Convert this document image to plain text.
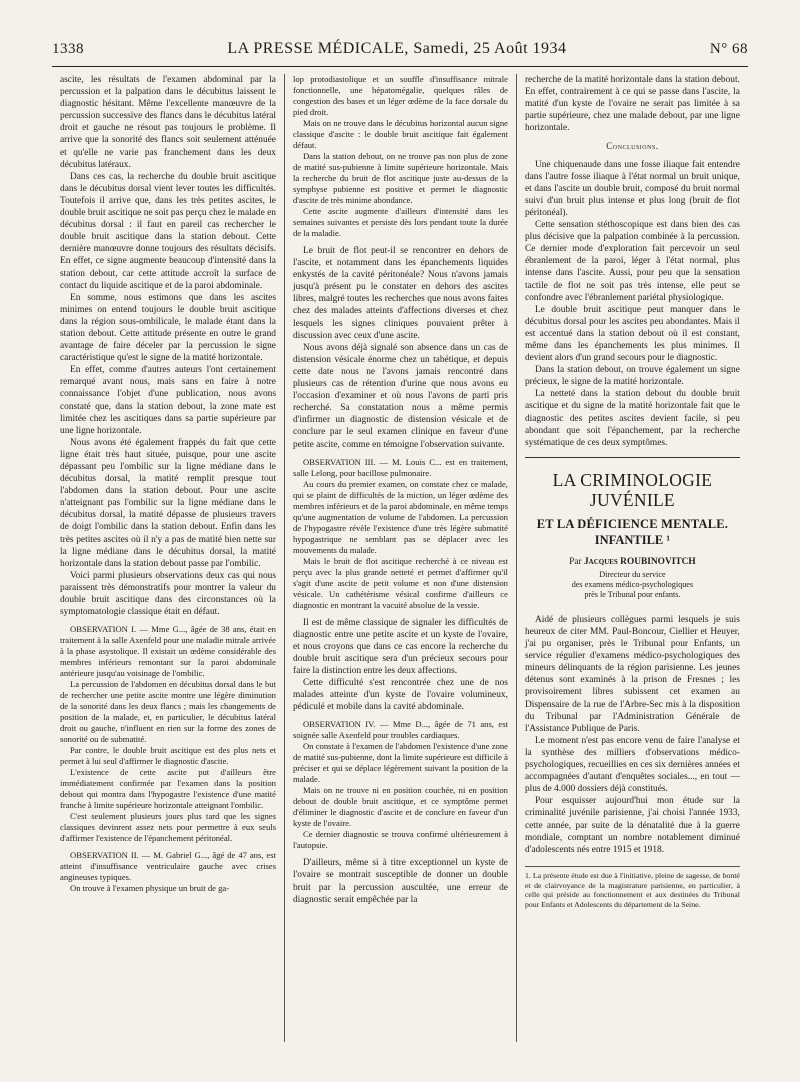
1338	LA PRESSE MÉDICALE, Samedi, 25 Août 1934	N° 68

ascite, les résultats de l'examen abdominal par la percussion et la palpation dans le décubitus laissent le diagnostic hésitant. Même l'excellente manœuvre de la percussion successive des flancs dans le décubitus latéral droit et gauche ne résout pas toujours le problème. Il arrive que la sonorité des flancs soit seulement atténuée et qu'elle ne varie pas franchement dans les deux décubitus latéraux.

Dans ces cas, la recherche du double bruit ascitique dans le décubitus dorsal vient lever toutes les difficultés. Toutefois il arrive que, dans les très petites ascites, le double bruit ascitique ne soit pas perçu chez le malade en décubitus dorsal : il faut en pareil cas rechercher le double bruit ascitique dans la station debout. Cette dernière manœuvre donne toujours des résultats décisifs. En effet, ce signe augmente beaucoup d'intensité dans la station debout, car cette attitude accroît la surface de contact du liquide ascitique et de la paroi abdominale.

En somme, nous estimons que dans les ascites minimes on entend toujours le double bruit ascitique dans la région sous-ombilicale, le malade étant dans la station debout. Cette attitude présente en outre le grand avantage de faire déceler par la percussion le signe caractéristique qu'est le signe de la matité horizontale.

En effet, comme d'autres auteurs l'ont certainement remarqué avant nous, mais sans en faire à notre connaissance l'objet d'une publication, nous avons constaté que, dans la station debout, la zone mate est limitée chez les ascitiques dans sa partie supérieure par une ligne horizontale.

Nous avons été également frappés du fait que cette ligne était très haut située, puisque, pour une ascite dépassant peu l'ombilic sur la ligne médiane dans le décubitus dorsal, la matité remplit presque tout l'abdomen dans la station debout. Pour une ascite n'atteignant pas l'ombilic sur la ligne médiane dans le décubitus dorsal, la matité dépasse de plusieurs travers de doigt l'ombilic dans la station debout. Enfin dans les très petites ascites où il n'y a pas de matité bien nette sur la ligne médiane dans le décubitus dorsal, la matité horizontale dans la station debout passe par l'ombilic.

Voici parmi plusieurs observations deux cas qui nous paraissent très démonstratifs pour montrer la valeur du double bruit ascitique dans des circonstances où la symptomatologie classique était en défaut.

OBSERVATION I. — Mme G..., âgée de 38 ans, était en traitement à la salle Axenfeld pour une maladie mitrale arrivée à la phase asystolique. Il existait un œdème considérable des membres inférieurs remontant sur la paroi abdominale antérieure jusqu'au voisinage de l'ombilic.

La percussion de l'abdomen en décubitus dorsal dans le but de rechercher une petite ascite montre une légère diminution de la sonorité dans les deux flancs ; mais les changements de position de la malade, et, en particulier, le décubitus latéral droit ou gauche, n'influent en rien sur la forme des zones de sonorité ou de submatité.

Par contre, le double bruit ascitique est des plus nets et permet à lui seul d'affirmer le diagnostic d'ascite.

L'existence de cette ascite put d'ailleurs être immédiatement confirmée par l'examen dans la position debout qui montra dans l'hypogastre l'existence d'une matité franche à limite supérieure horizontale atteignant l'ombilic.

C'est seulement plusieurs jours plus tard que les signes classiques devinrent assez nets pour permettre à eux seuls d'affirmer l'existence de l'épanchement péritonéal.

OBSERVATION II. — M. Gabriel G..., âgé de 47 ans, est atteint d'insuffisance ventriculaire gauche avec crises angineuses typiques.

On trouve à l'examen physique un bruit de ga-

lop protodiastolique et un souffle d'insuffisance mitrale fonctionnelle, une hépatomégalie, quelques râles de congestion des bases et un léger œdème de la face dorsale du pied droit.

Mais on ne trouve dans le décubitus horizontal aucun signe classique d'ascite : le double bruit ascitique fait également défaut.

Dans la station debout, on ne trouve pas non plus de zone de matité sus-pubienne à limite supérieure horizontale. Mais la recherche du bruit de flot ascitique juste au-dessus de la symphyse pubienne est positive et permet le diagnostic d'ascite de très minime abondance.

Cette ascite augmente d'ailleurs d'intensité dans les semaines suivantes et persiste dès lors pendant toute la durée de la maladie.

Le bruit de flot peut-il se rencontrer en dehors de l'ascite, et notamment dans les épanchements liquides enkystés de la cavité péritonéale? Nous n'avons jamais jusqu'à présent pu le constater en dehors des ascites libres, malgré toutes les recherches que nous avons faites chez des malades atteints d'affections diverses et chez lesquels les signes cliniques pouvaient prêter à discussion avec ceux d'une ascite.

Nous avons déjà signalé son absence dans un cas de distension vésicale énorme chez un tabétique, et depuis cette date nous ne l'avons jamais rencontré dans plusieurs cas de rétention d'urine que nous avons eu l'occasion d'examiner et où nous l'avons de parti pris recherché. Sa constatation nous a même permis d'infirmer un diagnostic de distension vésicale et de conclure par le seul examen clinique en faveur d'une petite ascite, comme en témoigne l'observation suivante.

OBSERVATION III. — M. Louis C... est en traitement, salle Lelong, pour bacillose pulmonaire.

Au cours du premier examen, on constate chez ce malade, qui se plaint de difficultés de la miction, un léger œdème des membres inférieurs et de la paroi abdominale, en même temps qu'une augmentation de volume de l'abdomen. La percussion de l'hypogastre révèle l'existence d'une très légère submatité hypogastrique ne semblant pas se déplacer avec les mouvements du malade.

Mais le bruit de flot ascitique recherché à ce niveau est perçu avec la plus grande netteté et permet d'affirmer qu'il s'agit d'une ascite de petit volume et non d'une distension vésicale. Un cathétérisme vésical confirme d'ailleurs ce diagnostic en montrant la vacuité absolue de la vessie.

Il est de même classique de signaler les difficultés de diagnostic entre une petite ascite et un kyste de l'ovaire, et nous croyons que dans ce cas encore la recherche du double bruit ascitique sera d'un précieux secours pour faire la distinction entre les deux affections.

Cette difficulté s'est rencontrée chez une de nos malades atteinte d'un kyste de l'ovaire volumineux, pédiculé et mobile dans la cavité abdominale.

OBSERVATION IV. — Mme D..., âgée de 71 ans, est soignée salle Axenfeld pour troubles cardiaques.

On constate à l'examen de l'abdomen l'existence d'une zone de matité sus-pubienne, dont la limite supérieure est difficile à préciser et qui se déplace légèrement suivant la position de la malade.

Mais on ne trouve ni en position couchée, ni en position debout de double bruit ascitique, et ce symptôme permet d'éliminer le diagnostic d'ascite et de conclure en faveur d'un kyste de l'ovaire.

Ce dernier diagnostic se trouva confirmé ultérieurement à l'autopsie.

D'ailleurs, même si à titre exceptionnel un kyste de l'ovaire se montrait susceptible de donner un double bruit par la percussion auscultée, une erreur de diagnostic serait empêchée par la

recherche de la matité horizontale dans la station debout. En effet, contrairement à ce qui se passe dans l'ascite, la matité d'un kyste de l'ovaire ne serait pas limitée à sa partie supérieure, chez une malade debout, par une ligne horizontale.

Conclusions.

Une chiquenaude dans une fosse iliaque fait entendre dans l'autre fosse iliaque à l'état normal un bruit unique, et dans l'ascite un double bruit, composé du bruit normal suivi d'un bruit plus intense et plus long (bruit de flot péritonéal).

Cette sensation stéthoscopique est dans bien des cas plus décisive que la palpation combinée à la percussion. Ce dernier mode d'exploration fait percevoir un seul ébranlement de la paroi, léger à l'état normal, plus intense dans l'ascite. Aussi, pour peu que la sensation tactile de flot ne soit pas très intense, elle peut se confondre avec l'ébranlement pariétal physiologique.

Le double bruit ascitique peut manquer dans le décubitus dorsal pour les ascites peu abondantes. Mais il est accentué dans la station debout où il est constant, même dans les épanchements les plus minimes. Il devient alors d'un grand secours pour le diagnostic.

Dans la station debout, on trouve également un signe précieux, le signe de la matité horizontale.

La netteté dans la station debout du double bruit ascitique et du signe de la matité horizontale fait que le diagnostic des petites ascites devient facile, si peu abondant que soit l'épanchement, par la recherche systématique de ces deux symptômes.

LA CRIMINOLOGIE JUVÉNILE
ET LA DÉFICIENCE MENTALE.
INFANTILE ¹
Par Jacques ROUBINOVITCH
Directeur du service
des examens médico-psychologiques
près le Tribunal pour enfants.

Aidé de plusieurs collègues parmi lesquels je suis heureux de citer MM. Paul-Boncour, Ciellier et Heuyer, j'ai pu organiser, près le Tribunal pour Enfants, un service régulier d'examens médico-psychologiques des mineurs délinquants de la région parisienne. Les jeunes détenus sont examinés à la prison de Fresnes ; les provisoirement libres subissent cet examen au Dispensaire de la rue de l'Arbre-Sec mis à la disposition du Tribunal par l'Administration Générale de l'Assistance Publique de Paris.

Le moment n'est pas encore venu de faire l'analyse et la synthèse des milliers d'observations médico-psychologiques, recueillies en ces six dernières années et accompagnées d'autant d'enquêtes sociales..., en tout — plus de 4.000 dossiers déjà constitués.

Pour esquisser aujourd'hui mon étude sur la criminalité juvénile parisienne, j'ai choisi l'année 1933, cette année, par suite de la dénatalité due à la guerre mondiale, comptant un nombre notablement diminué d'adolescents nés entre 1915 et 1918.

1. La présente étude est due à l'initiative, pleine de sagesse, de bonté et de clairvoyance de la magistrature parisienne, en particulier, à celle qui préside au fonctionnement et aux destinées du Tribunal pour Enfants et Adolescents du département de la Seine.
